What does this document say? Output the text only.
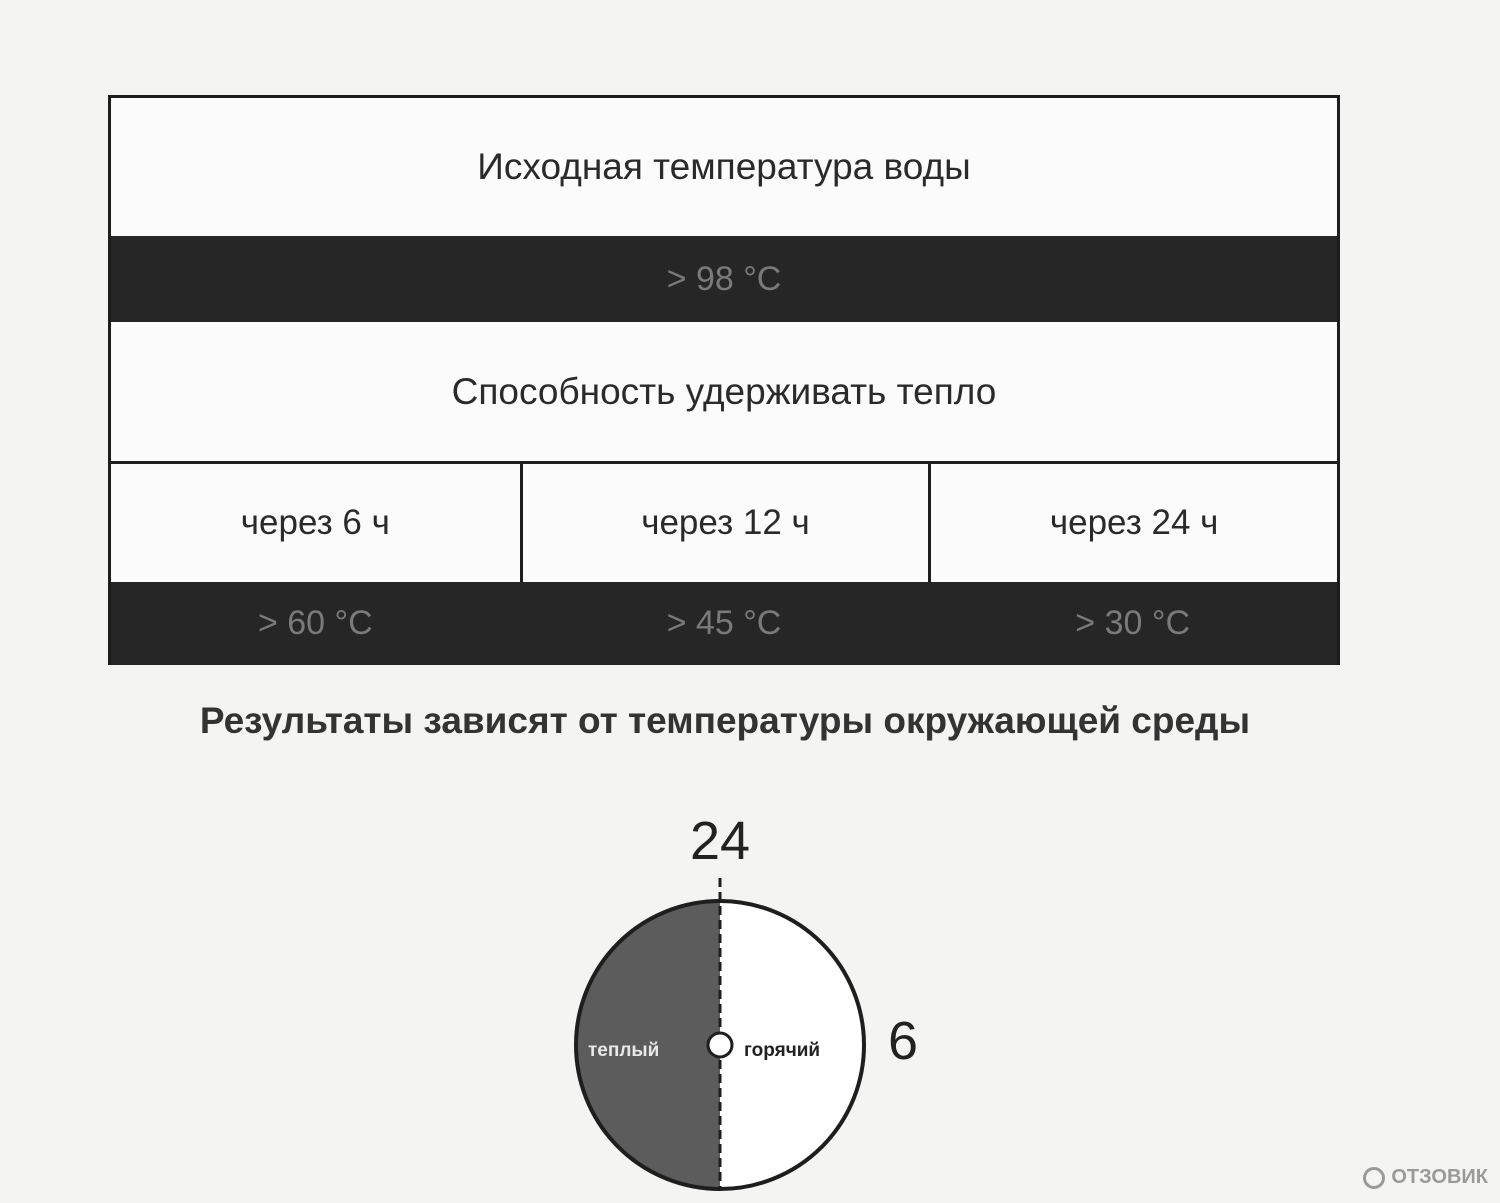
Исходная температура воды
> 98 °C
Способность удерживать тепло
через 6 ч	через 12 ч	через 24 ч
> 60 °C	> 45 °C	> 30 °C
Результаты зависят от температуры окружающей среды
24
6
теплый	горячий
ОТЗОВИК
